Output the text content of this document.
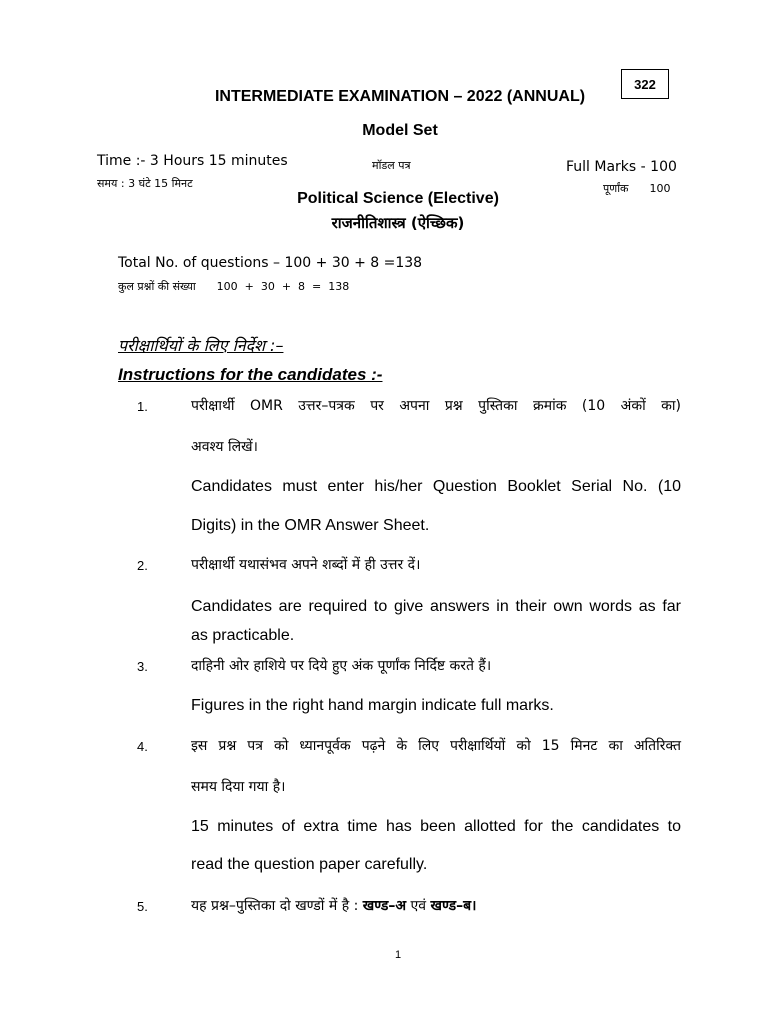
322
INTERMEDIATE EXAMINATION – 2022 (ANNUAL)
Model Set
Time :- 3 Hours 15 minutes
समय : 3 घंटे 15 मिनट
मॉडल पत्र	Full Marks - 100
पूर्णांक      100
Political Science (Elective)
राजनीतिशास्त्र (ऐच्छिक)
Total No. of questions – 100 + 30 + 8 =138
कुल प्रश्नों की संख्या      100  +  30  +  8  =  138
परीक्षार्थियों के लिए निर्देश :–
Instructions for the candidates :-
1.	परीक्षार्थी OMR उत्तर–पत्रक पर अपना प्रश्न पुस्तिका क्रमांक (10 अंकों का)
अवश्य लिखें।
Candidates must enter his/her Question Booklet Serial No. (10
Digits) in the OMR Answer Sheet.
2.	परीक्षार्थी यथासंभव अपने शब्दों में ही उत्तर दें।
Candidates are required to give answers in their own words as far
as practicable.
3.	दाहिनी ओर हाशिये पर दिये हुए अंक पूर्णांक निर्दिष्ट करते हैं।
Figures in the right hand margin indicate full marks.
4.	इस प्रश्न पत्र को ध्यानपूर्वक पढ़ने के लिए परीक्षार्थियों को 15 मिनट का अतिरिक्त
समय दिया गया है।
15 minutes of extra time has been allotted for the candidates to
read the question paper carefully.
5.	यह प्रश्न–पुस्तिका दो खण्डों में है : खण्ड–अ एवं खण्ड–ब।
1
